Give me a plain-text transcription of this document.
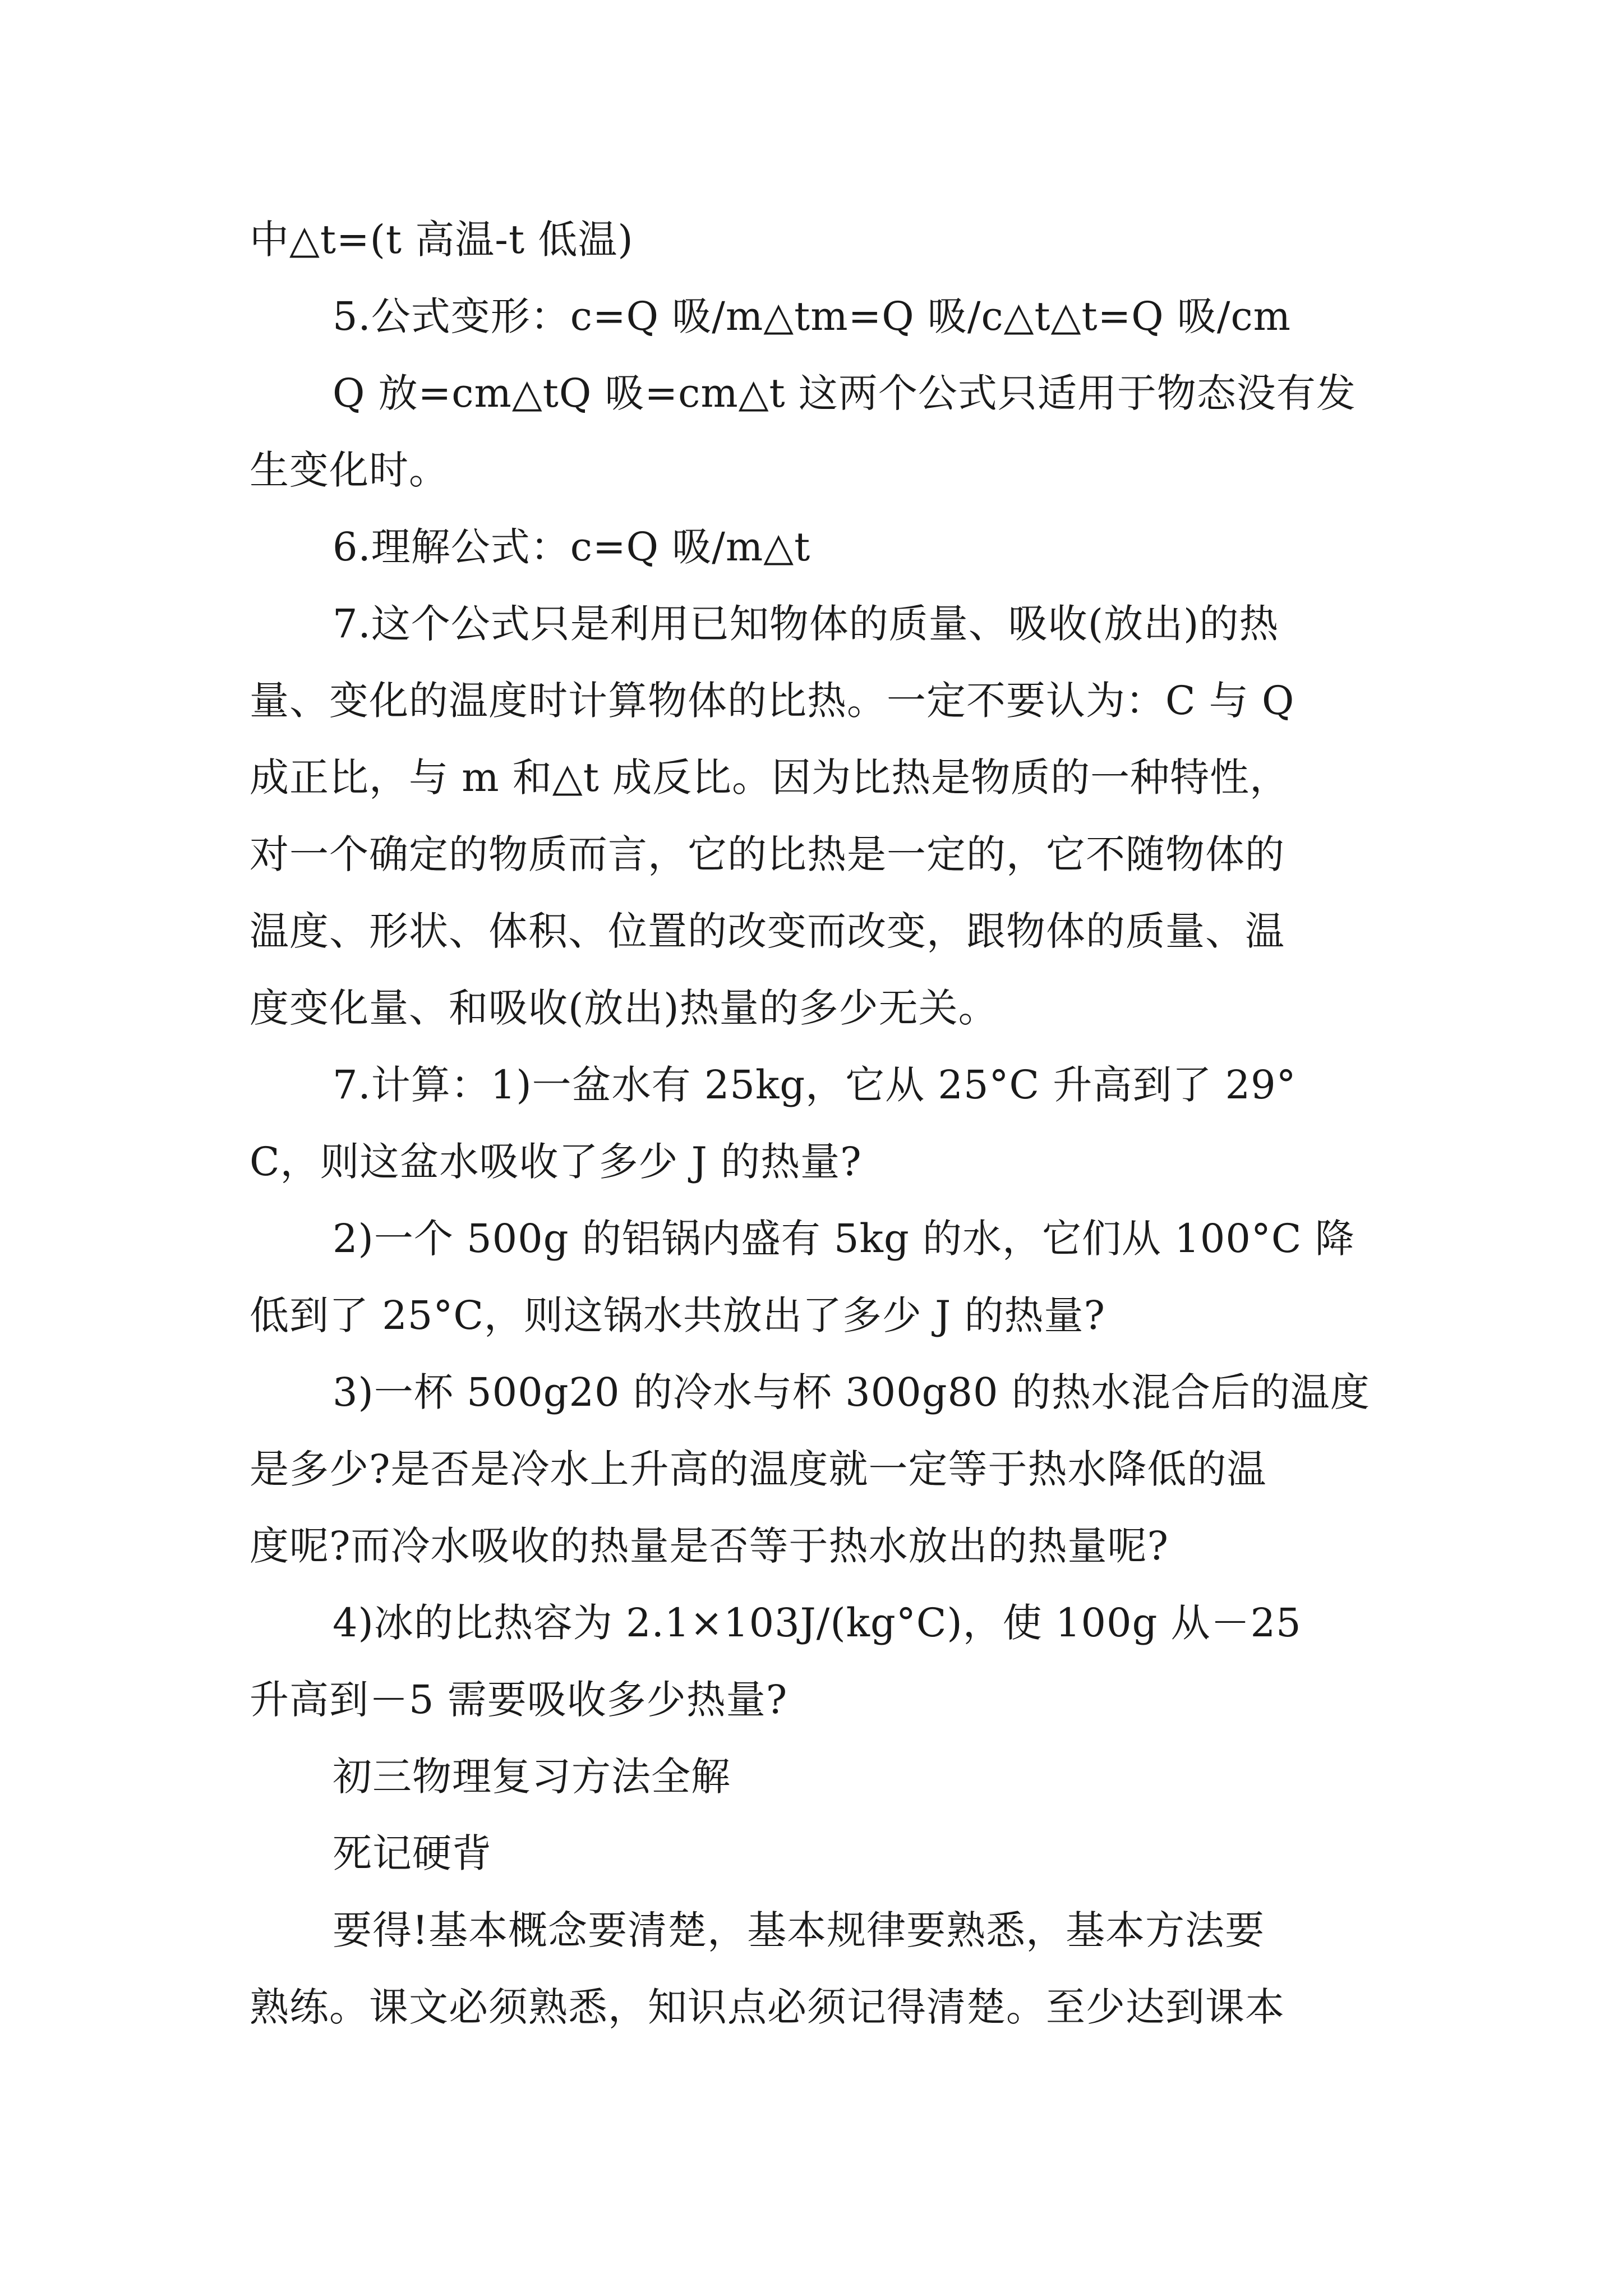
中△t=(t 高温-t 低温)
5.公式变形：c=Q 吸/m△tm=Q 吸/c△t△t=Q 吸/cm
Q 放=cm△tQ 吸=cm△t 这两个公式只适用于物态没有发
生变化时。
6.理解公式：c=Q 吸/m△t
7.这个公式只是利用已知物体的质量、吸收(放出)的热
量、变化的温度时计算物体的比热。一定不要认为：C 与 Q
成正比，与 m 和△t 成反比。因为比热是物质的一种特性，
对一个确定的物质而言，它的比热是一定的，它不随物体的
温度、形状、体积、位置的改变而改变，跟物体的质量、温
度变化量、和吸收(放出)热量的多少无关。
7.计算：1)一盆水有 25kg，它从 25°C 升高到了 29°
C，则这盆水吸收了多少 J 的热量?
2)一个 500g 的铝锅内盛有 5kg 的水，它们从 100°C 降
低到了 25°C，则这锅水共放出了多少 J 的热量?
3)一杯 500g20 的冷水与杯 300g80 的热水混合后的温度
是多少?是否是冷水上升高的温度就一定等于热水降低的温
度呢?而冷水吸收的热量是否等于热水放出的热量呢?
4)冰的比热容为 2.1×103J/(kg°C)，使 100g 从－25
升高到－5 需要吸收多少热量?
初三物理复习方法全解
死记硬背
要得!基本概念要清楚，基本规律要熟悉，基本方法要
熟练。课文必须熟悉，知识点必须记得清楚。至少达到课本
